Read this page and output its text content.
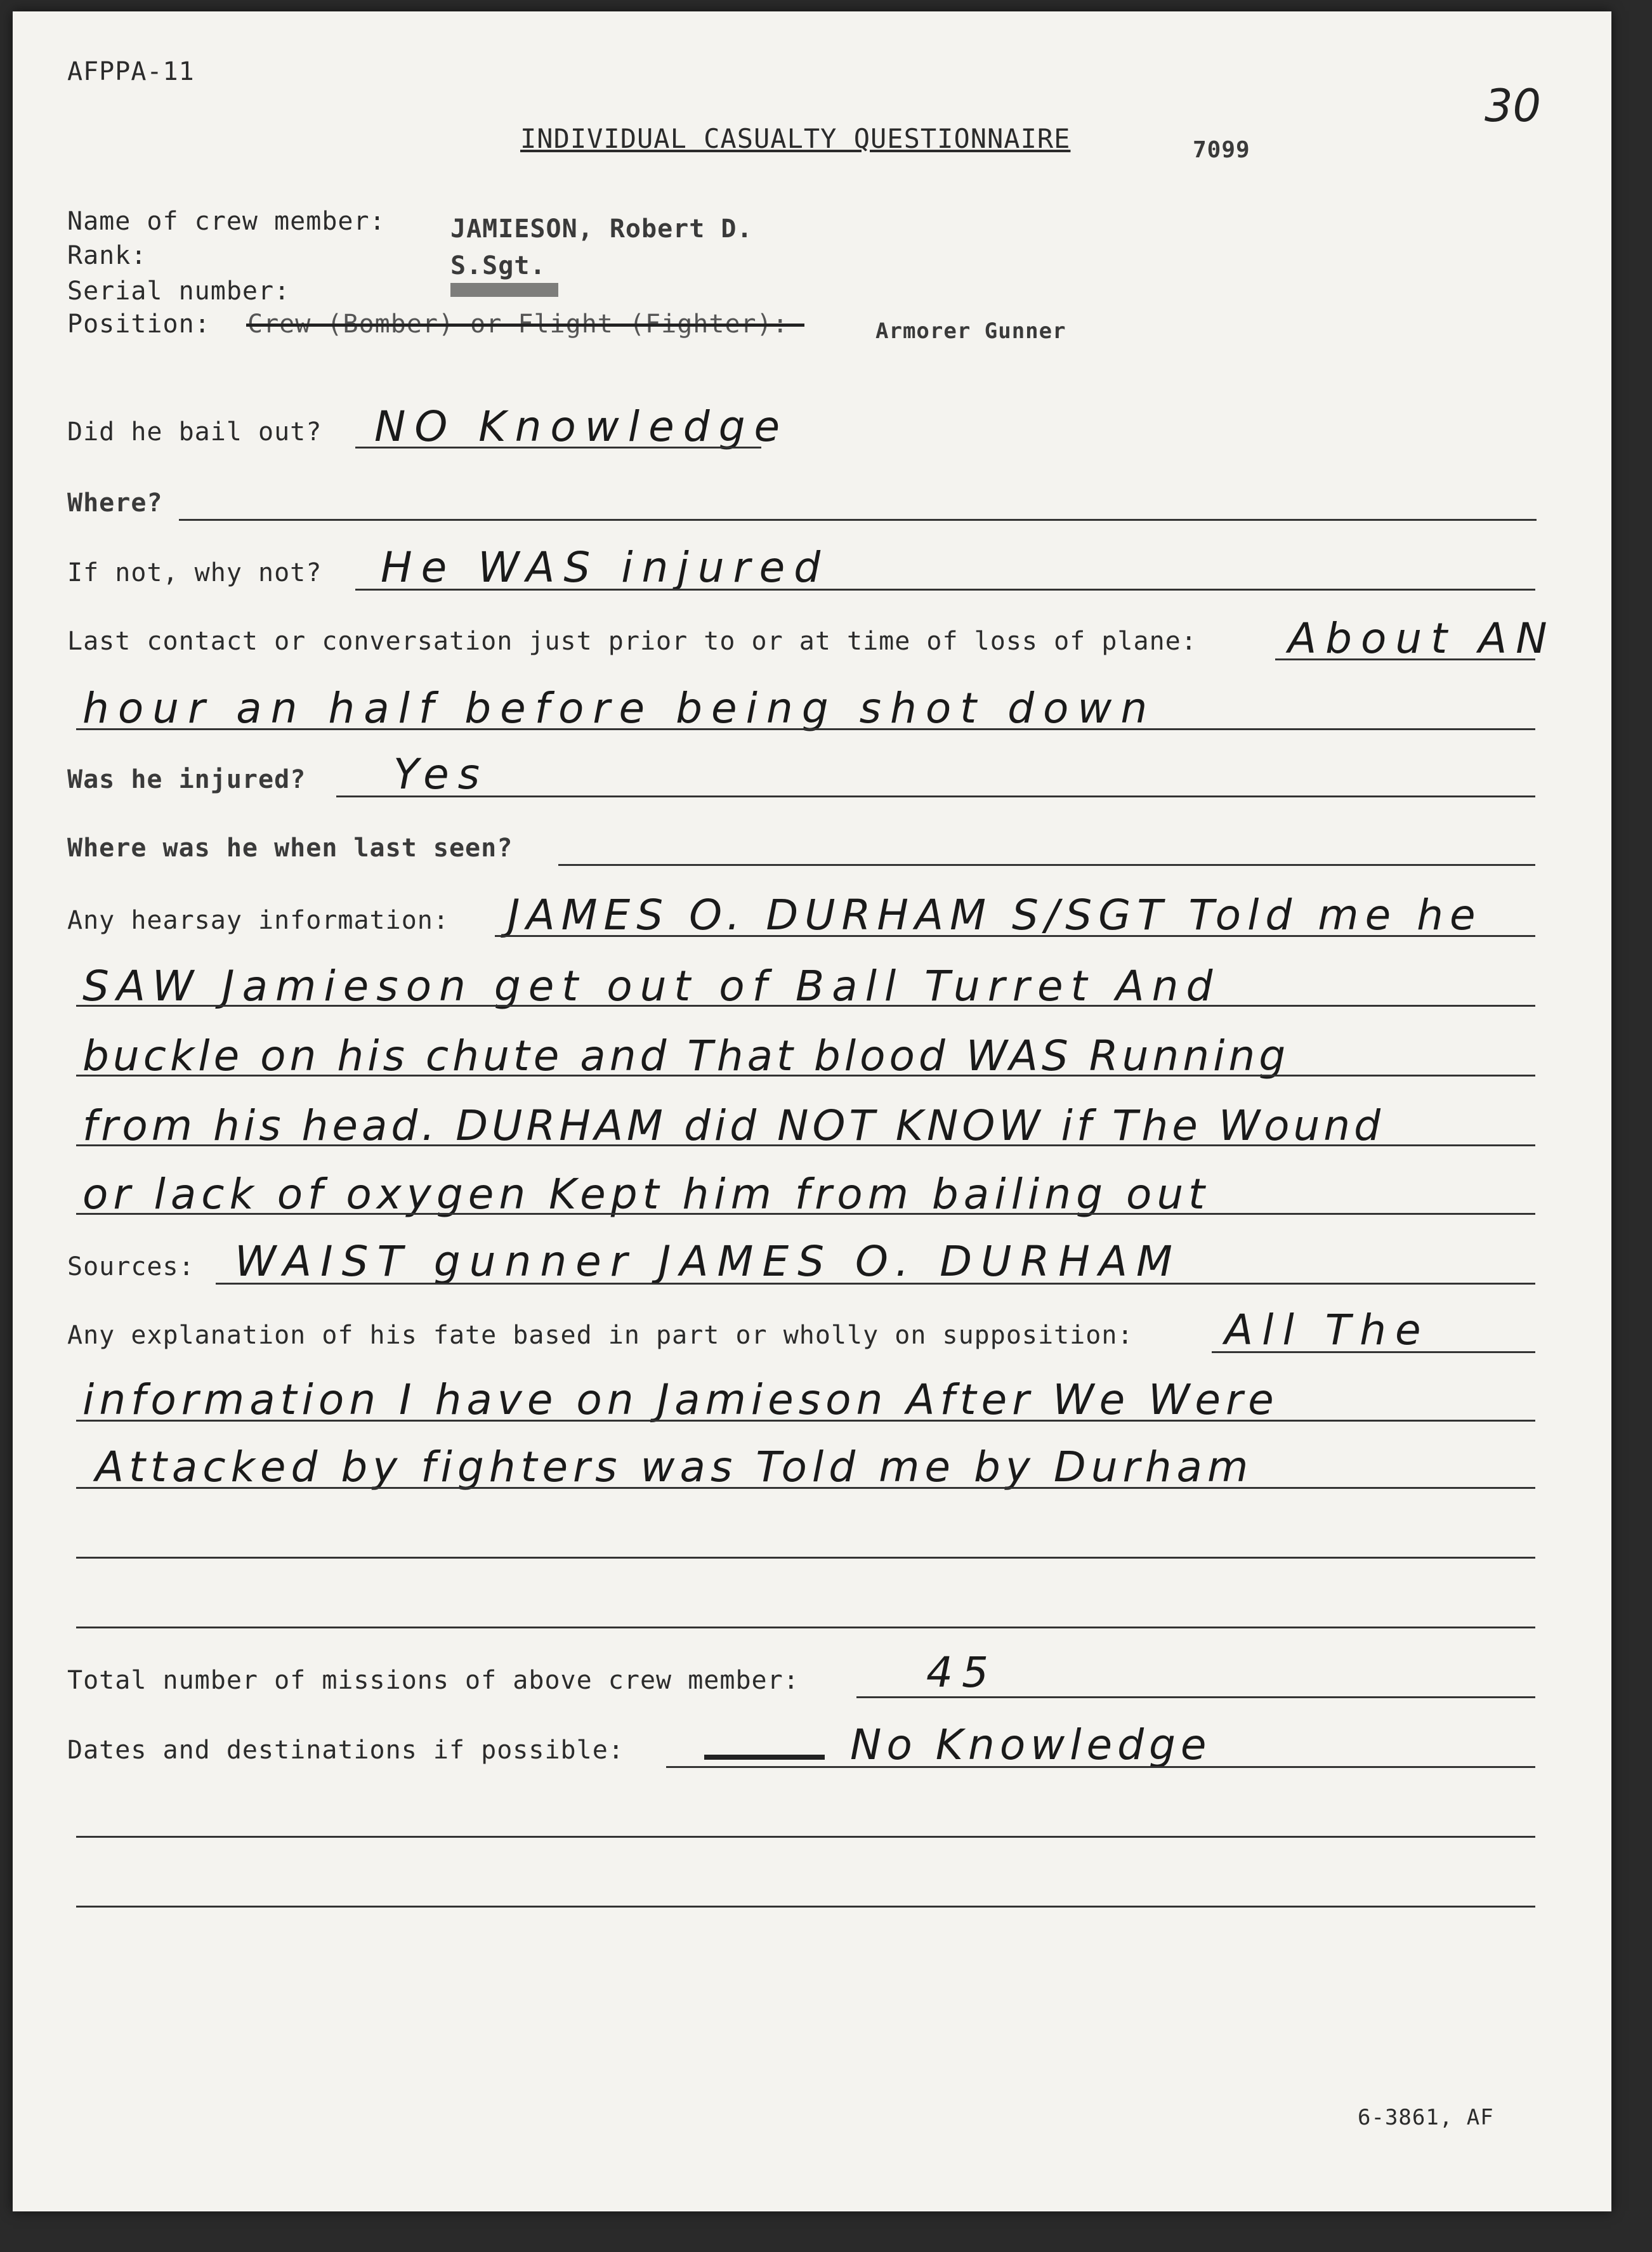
AFPPA-11
INDIVIDUAL CASUALTY QUESTIONNAIRE	7099
30
Name of crew member:	JAMIESON, Robert D.
Rank:	S.Sgt.
Serial number:
Position: Crew (Bomber) or Flight (Fighter):	Armorer Gunner
Did he bail out? NO Knowledge
Where?
If not, why not? He WAS injured
Last contact or conversation just prior to or at time of loss of plane: About AN
hour an half before being shot down
Was he injured? Yes
Where was he when last seen?
Any hearsay information: JAMES O. DURHAM S/SGT Told me he
SAW Jamieson get out of Ball Turret And
buckle on his chute and That blood WAS Running
from his head. DURHAM did NOT KNOW if The Wound
or lack of oxygen Kept him from bailing out
Sources: WAIST gunner JAMES O. DURHAM
Any explanation of his fate based in part or wholly on supposition: All The
information I have on Jamieson After We Were
Attacked by fighters was Told me by Durham
Total number of missions of above crew member:	45
Dates and destinations if possible:	No Knowledge
6-3861, AF
